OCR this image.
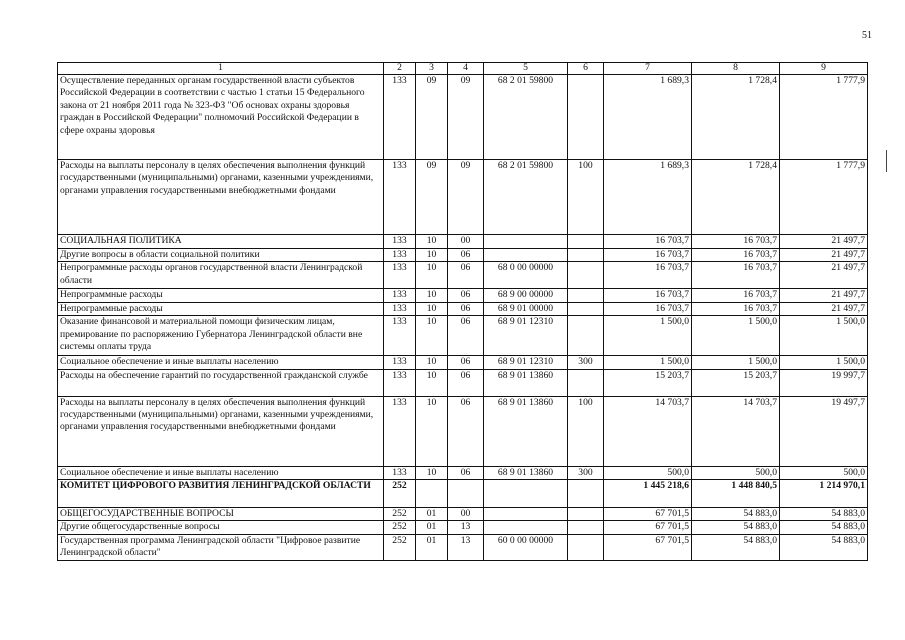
51
1	2	3	4	5	6	7	8	9
Осуществление переданных органам государственной власти субъектов Российской Федерации в соответствии с частью 1 статьи 15 Федерального закона от 21 ноября 2011 года № 323-ФЗ "Об основах охраны здоровья граждан в Российской Федерации" полномочий Российской Федерации в сфере охраны здоровья	133	09	09	68 2 01 59800		1 689,3	1 728,4	1 777,9
Расходы на выплаты персоналу в целях обеспечения выполнения функций государственными (муниципальными) органами, казенными учреждениями, органами управления государственными внебюджетными фондами	133	09	09	68 2 01 59800	100	1 689,3	1 728,4	1 777,9
СОЦИАЛЬНАЯ ПОЛИТИКА	133	10	00			16 703,7	16 703,7	21 497,7
Другие вопросы в области социальной политики	133	10	06			16 703,7	16 703,7	21 497,7
Непрограммные расходы органов государственной власти Ленинградской области	133	10	06	68 0 00 00000		16 703,7	16 703,7	21 497,7
Непрограммные расходы	133	10	06	68 9 00 00000		16 703,7	16 703,7	21 497,7
Непрограммные расходы	133	10	06	68 9 01 00000		16 703,7	16 703,7	21 497,7
Оказание финансовой и материальной помощи физическим лицам, премирование по распоряжению Губернатора Ленинградской области вне системы оплаты труда	133	10	06	68 9 01 12310		1 500,0	1 500,0	1 500,0
Социальное обеспечение и иные выплаты населению	133	10	06	68 9 01 12310	300	1 500,0	1 500,0	1 500,0
Расходы на обеспечение гарантий по государственной гражданской службе	133	10	06	68 9 01 13860		15 203,7	15 203,7	19 997,7
Расходы на выплаты персоналу в целях обеспечения выполнения функций государственными (муниципальными) органами, казенными учреждениями, органами управления государственными внебюджетными фондами	133	10	06	68 9 01 13860	100	14 703,7	14 703,7	19 497,7
Социальное обеспечение и иные выплаты населению	133	10	06	68 9 01 13860	300	500,0	500,0	500,0
КОМИТЕТ ЦИФРОВОГО РАЗВИТИЯ ЛЕНИНГРАДСКОЙ ОБЛАСТИ	252					1 445 218,6	1 448 840,5	1 214 970,1
ОБЩЕГОСУДАРСТВЕННЫЕ ВОПРОСЫ	252	01	00			67 701,5	54 883,0	54 883,0
Другие общегосударственные вопросы	252	01	13			67 701,5	54 883,0	54 883,0
Государственная программа Ленинградской области "Цифровое развитие Ленинградской области"	252	01	13	60 0 00 00000		67 701,5	54 883,0	54 883,0
